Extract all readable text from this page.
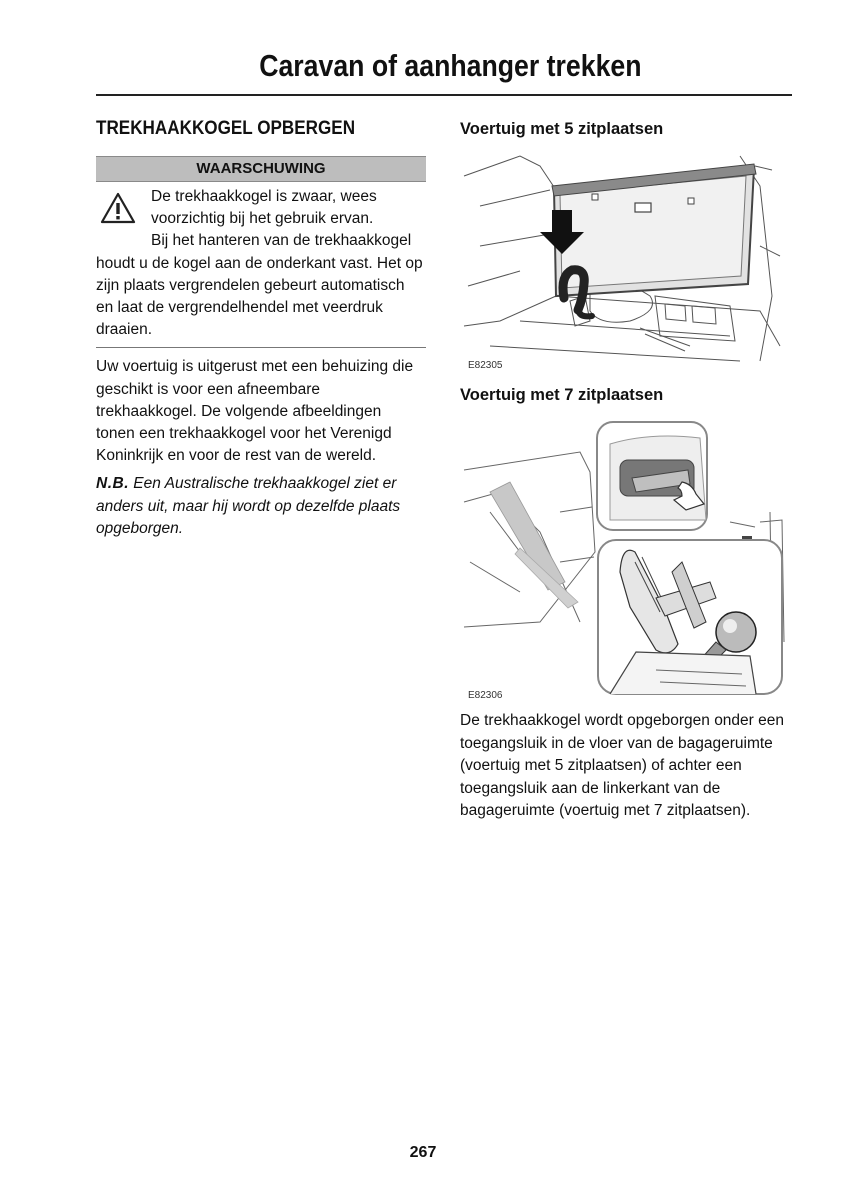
Caravan of aanhanger trekken
TREKHAAKKOGEL OPBERGEN
WAARSCHUWING

De trekhaakkogel is zwaar, wees

voorzichtig bij het gebruik ervan.

Bij het hanteren van de trekhaakkogel

houdt u de kogel aan de onderkant vast. Het op

zijn plaats vergrendelen gebeurt automatisch

en laat de vergrendelhendel met veerdruk

draaien.

Uw voertuig is uitgerust met een behuizing die

geschikt is voor een afneembare

trekhaakkogel. De volgende afbeeldingen

tonen een trekhaakkogel voor het Verenigd

Koninkrijk en voor de rest van de wereld.

N.B. Een Australische trekhaakkogel ziet er

anders uit, maar hij wordt op dezelfde plaats

opgeborgen.

Voertuig met 5 zitplaatsen
E82305
Voertuig met 7 zitplaatsen
E82306

De trekhaakkogel wordt opgeborgen onder een

toegangsluik in de vloer van de bagageruimte

(voertuig met 5 zitplaatsen) of achter een

toegangsluik aan de linkerkant van de

bagageruimte (voertuig met 7 zitplaatsen).

267
